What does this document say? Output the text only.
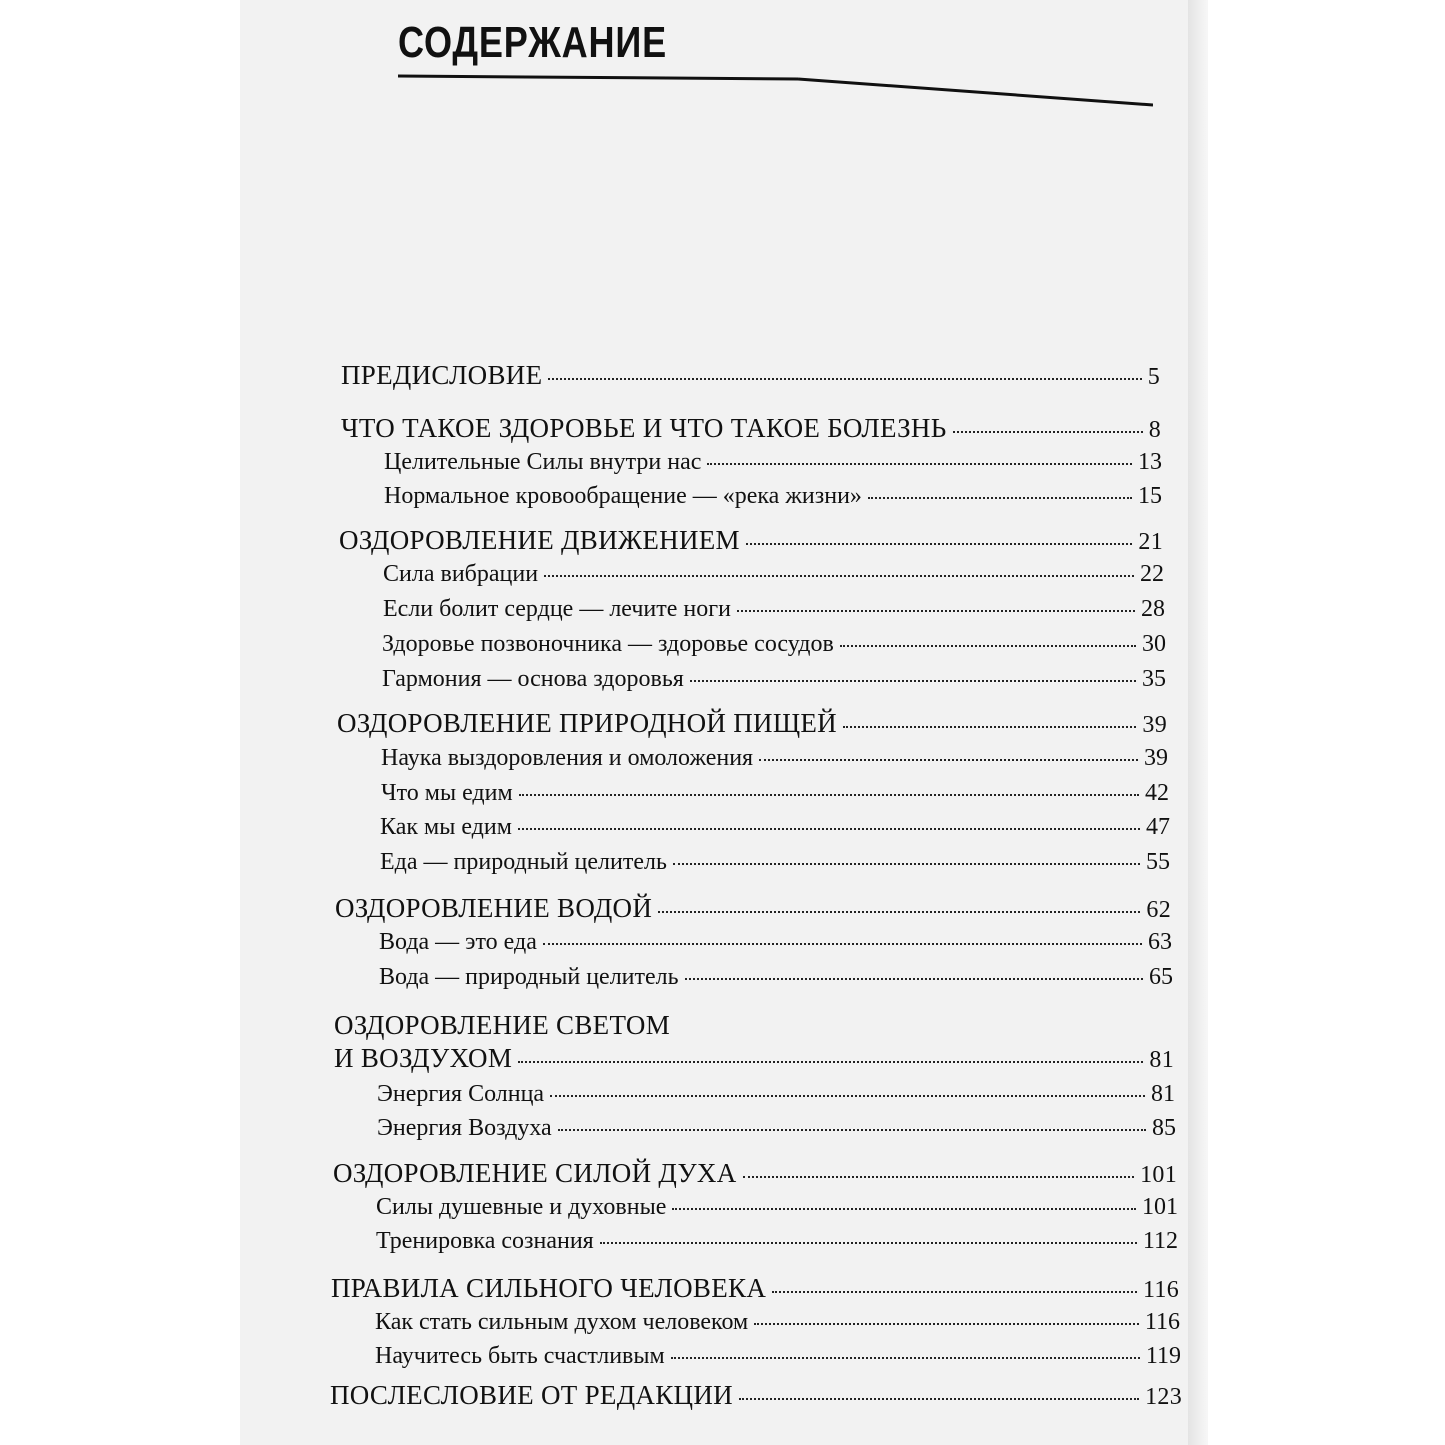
СОДЕРЖАНИЕ
ПРЕДИСЛОВИЕ	5
ЧТО ТАКОЕ ЗДОРОВЬЕ И ЧТО ТАКОЕ БОЛЕЗНЬ	8
Целительные Силы внутри нас	13
Нормальное кровообращение — «река жизни»	15
ОЗДОРОВЛЕНИЕ ДВИЖЕНИЕМ	21
Сила вибрации	22
Если болит сердце — лечите ноги	28
Здоровье позвоночника — здоровье сосудов	30
Гармония — основа здоровья	35
ОЗДОРОВЛЕНИЕ ПРИРОДНОЙ ПИЩЕЙ	39
Наука выздоровления и омоложения	39
Что мы едим	42
Как мы едим	47
Еда — природный целитель	55
ОЗДОРОВЛЕНИЕ ВОДОЙ	62
Вода — это еда	63
Вода — природный целитель	65
ОЗДОРОВЛЕНИЕ СВЕТОМ
И ВОЗДУХОМ	81
Энергия Солнца	81
Энергия Воздуха	85
ОЗДОРОВЛЕНИЕ СИЛОЙ ДУХА	101
Силы душевные и духовные	101
Тренировка сознания	112
ПРАВИЛА СИЛЬНОГО ЧЕЛОВЕКА	116
Как стать сильным духом человеком	116
Научитесь быть счастливым	119
ПОСЛЕСЛОВИЕ ОТ РЕДАКЦИИ	123
